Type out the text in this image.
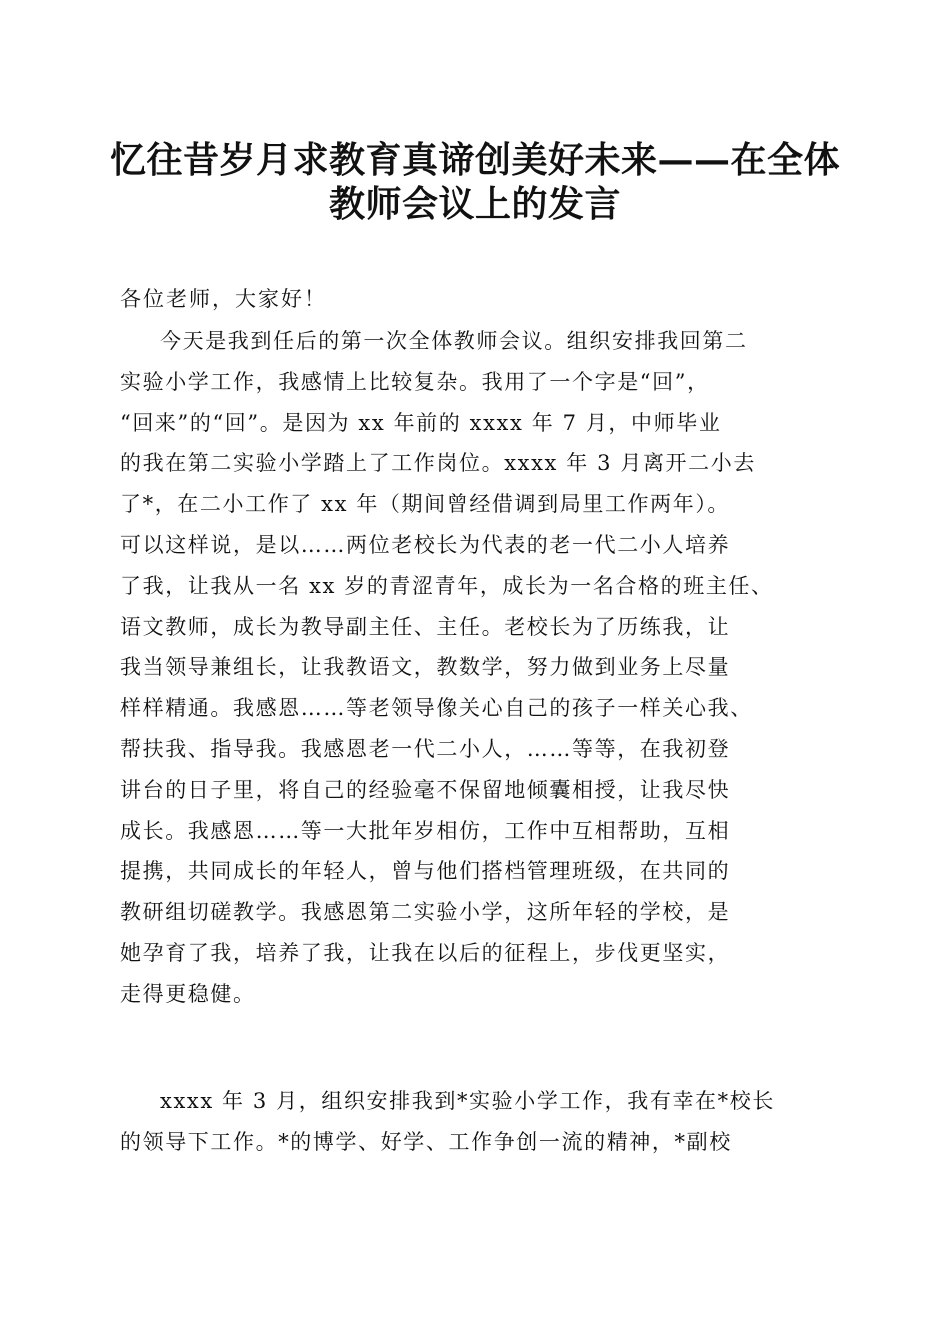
忆往昔岁月求教育真谛创美好未来——在全体
教师会议上的发言

各位老师，大家好！

今天是我到任后的第一次全体教师会议。组织安排我回第二
实验小学工作，我感情上比较复杂。我用了一个字是“回”，
“回来”的“回”。是因为 xx 年前的 xxxx 年 7 月，中师毕业
的我在第二实验小学踏上了工作岗位。xxxx 年 3 月离开二小去
了*，在二小工作了 xx 年（期间曾经借调到局里工作两年）。
可以这样说，是以……两位老校长为代表的老一代二小人培养
了我，让我从一名 xx 岁的青涩青年，成长为一名合格的班主任、
语文教师，成长为教导副主任、主任。老校长为了历练我，让
我当领导兼组长，让我教语文，教数学，努力做到业务上尽量
样样精通。我感恩……等老领导像关心自己的孩子一样关心我、
帮扶我、指导我。我感恩老一代二小人，……等等，在我初登
讲台的日子里，将自己的经验毫不保留地倾囊相授，让我尽快
成长。我感恩……等一大批年岁相仿，工作中互相帮助，互相
提携，共同成长的年轻人，曾与他们搭档管理班级，在共同的
教研组切磋教学。我感恩第二实验小学，这所年轻的学校，是
她孕育了我，培养了我，让我在以后的征程上，步伐更坚实，
走得更稳健。
xxxx 年 3 月，组织安排我到*实验小学工作，我有幸在*校长
的领导下工作。*的博学、好学、工作争创一流的精神，*副校
